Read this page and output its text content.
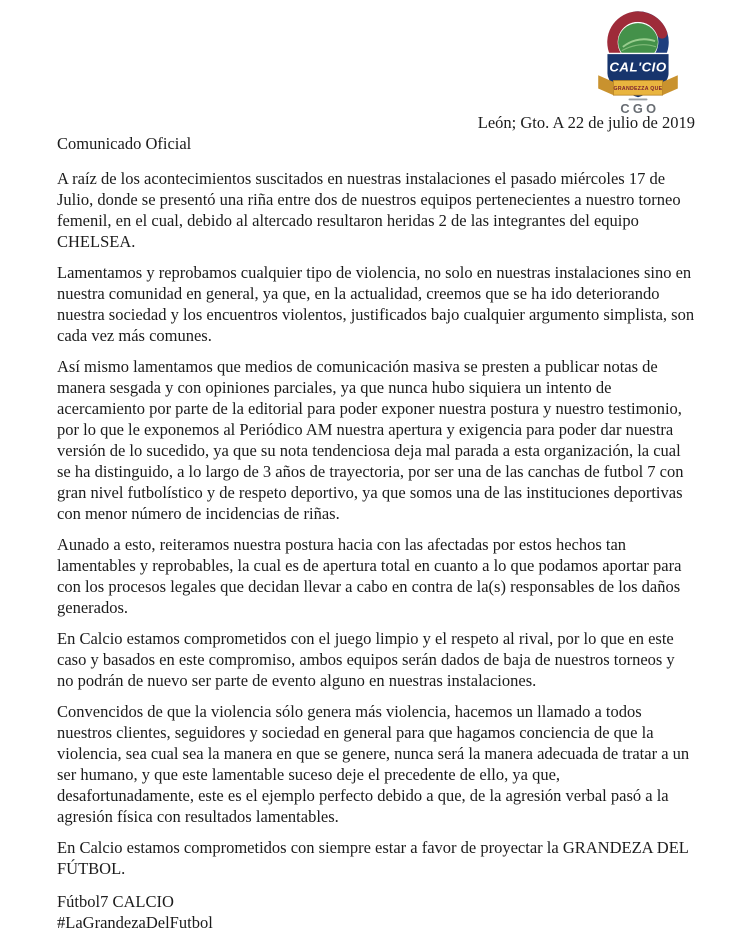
CAL'CIO
GRANDEZZA QUE
CGO
León; Gto. A 22 de julio de 2019
Comunicado Oficial

A raíz de los acontecimientos suscitados en nuestras instalaciones el pasado miércoles 17 de Julio, donde se presentó una riña entre dos de nuestros equipos pertenecientes a nuestro torneo femenil, en el cual, debido al altercado resultaron heridas 2 de las integrantes del equipo CHELSEA.

Lamentamos y reprobamos cualquier tipo de violencia, no solo en nuestras instalaciones sino en nuestra comunidad en general, ya que, en la actualidad, creemos que se ha ido deteriorando nuestra sociedad y los encuentros violentos, justificados bajo cualquier argumento simplista, son cada vez más comunes.

Así mismo lamentamos que medios de comunicación masiva se presten a publicar notas de manera sesgada y con opiniones parciales, ya que nunca hubo siquiera un intento de acercamiento por parte de la editorial para poder exponer nuestra postura y nuestro testimonio, por lo que le exponemos al Periódico AM nuestra apertura y exigencia para poder dar nuestra versión de lo sucedido, ya que su nota tendenciosa deja mal parada a esta organización, la cual se ha distinguido, a lo largo de 3 años de trayectoria, por ser una de las canchas de futbol 7 con gran nivel futbolístico y de respeto deportivo, ya que somos una de las instituciones deportivas con menor número de incidencias de riñas.

Aunado a esto, reiteramos nuestra postura hacia con las afectadas por estos hechos tan lamentables y reprobables, la cual es de apertura total en cuanto a lo que podamos aportar para con los procesos legales que decidan llevar a cabo en contra de la(s) responsables de los daños generados.

En Calcio estamos comprometidos con el juego limpio y el respeto al rival, por lo que en este caso y basados en este compromiso, ambos equipos serán dados de baja de nuestros torneos y no podrán de nuevo ser parte de evento alguno en nuestras instalaciones.

Convencidos de que la violencia sólo genera más violencia, hacemos un llamado a todos nuestros clientes, seguidores y sociedad en general para que hagamos conciencia de que la violencia, sea cual sea la manera en que se genere, nunca será la manera adecuada de tratar a un ser humano, y que este lamentable suceso deje el precedente de ello, ya que, desafortunadamente, este es el ejemplo perfecto debido a que, de la agresión verbal pasó a la agresión física con resultados lamentables.

En Calcio estamos comprometidos con siempre estar a favor de proyectar la GRANDEZA DEL FÚTBOL.

Fútbol7 CALCIO
#LaGrandezaDelFutbol
